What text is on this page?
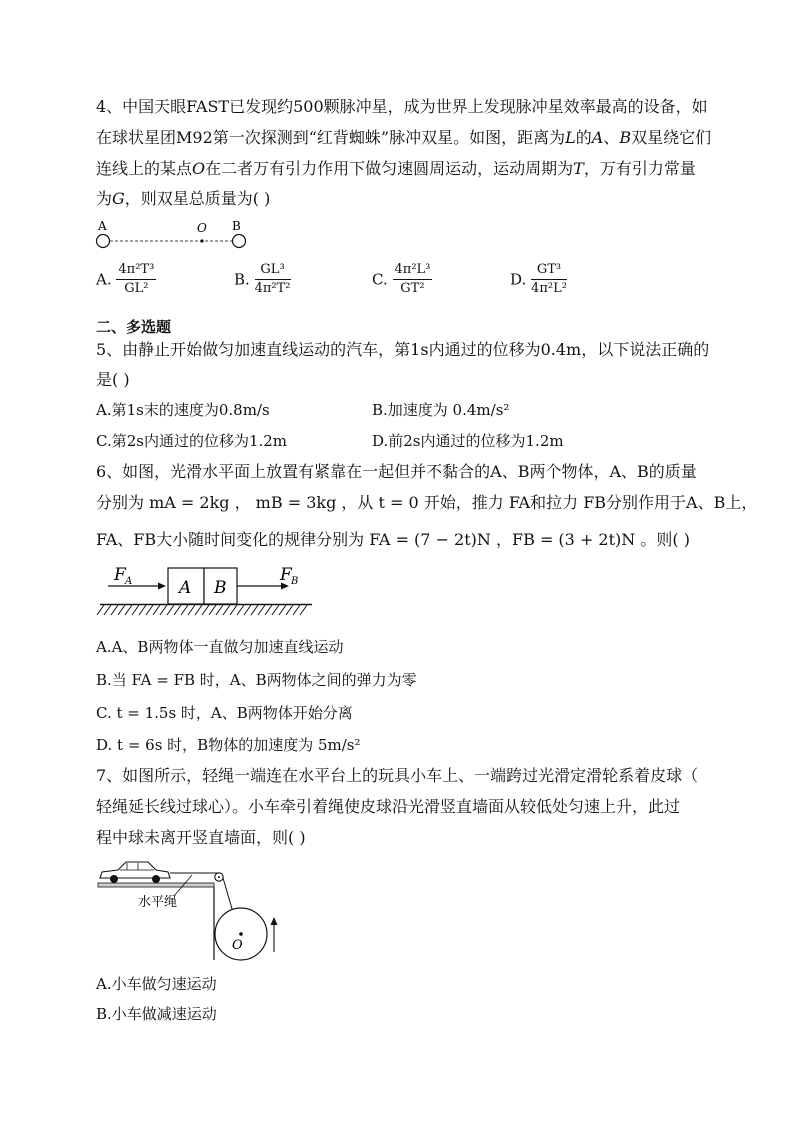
4、中国天眼FAST已发现约500颗脉冲星，成为世界上发现脉冲星效率最高的设备，如
在球状星团M92第一次探测到“红背蜘蛛”脉冲双星。如图，距离为L的A、B双星绕它们
连线上的某点O在二者万有引力作用下做匀速圆周运动，运动周期为T，万有引力常量
为G，则双星总质量为( )
A	O B
A. $\frac{\text{4π²T³}}{\text{GL²}}$	B. $\frac{\text{GL³}}{\text{4π²T²}}$	C. $\frac{\text{4π²L³}}{\text{GT²}}$	D. $\frac{\text{GT³}}{\text{4π²L²}}$
二、多选题
5、由静止开始做匀加速直线运动的汽车，第1s内通过的位移为0.4m，以下说法正确的
是( )
A.第1s末的速度为0.8m/s	B.加速度为 0.4m/s²
C.第2s内通过的位移为1.2m	D.前2s内通过的位移为1.2m
6、如图，光滑水平面上放置有紧靠在一起但并不黏合的A、B两个物体，A、B的质量
分别为 mA = 2kg ， mB = 3kg ，从 t = 0 开始，推力 FA和拉力 FB分别作用于A、B上，
FA、FB大小随时间变化的规律分别为 FA = (7 − 2t)N ，FB = (3 + 2t)N 。则( )
F A	A B
F B
A.A、B两物体一直做匀加速直线运动
B.当 FA = FB 时，A、B两物体之间的弹力为零
C. t = 1.5s 时，A、B两物体开始分离
D. t = 6s 时，B物体的加速度为 5m/s²
7、如图所示，轻绳一端连在水平台上的玩具小车上、一端跨过光滑定滑轮系着皮球（
轻绳延长线过球心）。小车牵引着绳使皮球沿光滑竖直墙面从较低处匀速上升，此过
程中球未离开竖直墙面，则( )
O
水平绳
A.小车做匀速运动
B.小车做减速运动
